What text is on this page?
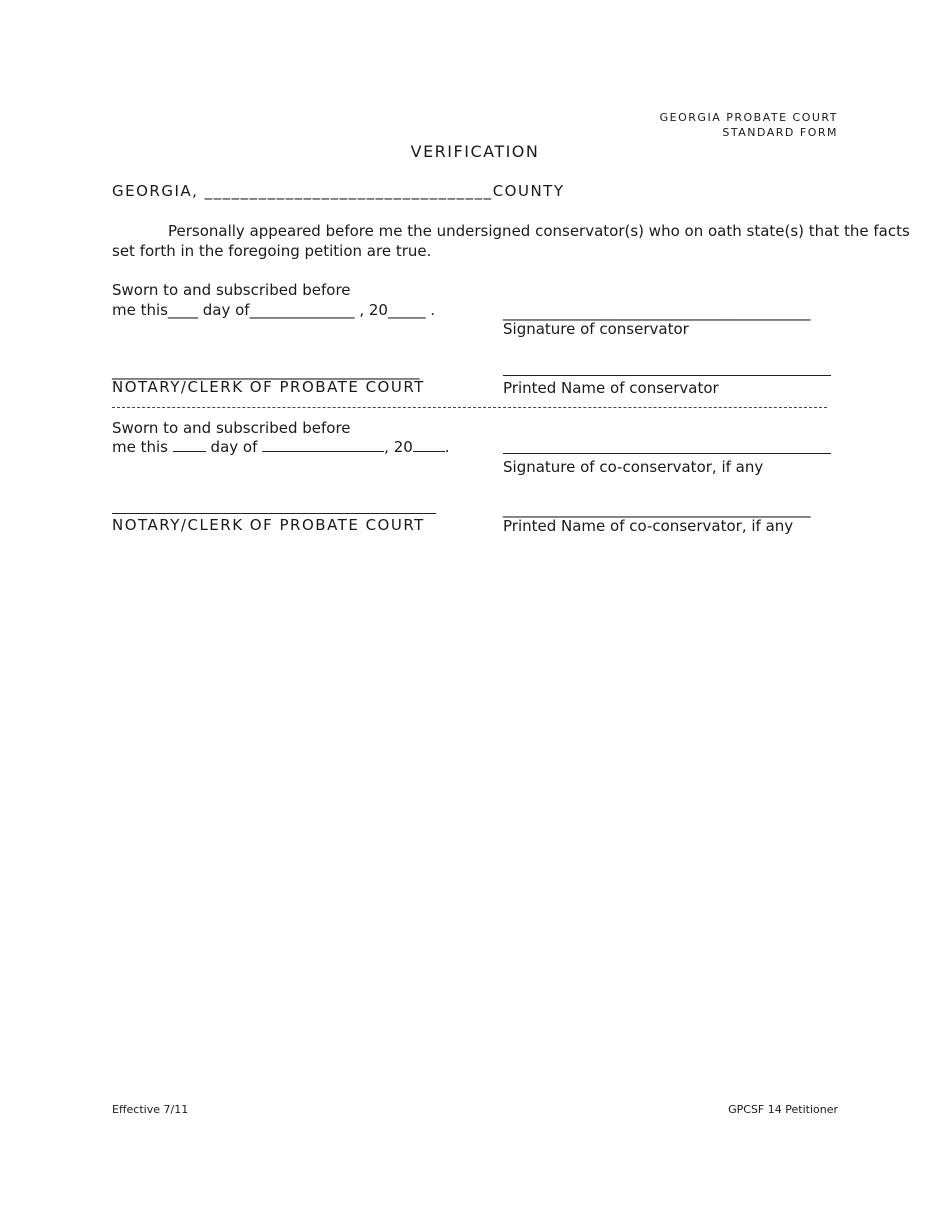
GEORGIA PROBATE COURT
STANDARD FORM
VERIFICATION
GEORGIA, ________________________________COUNTY
Personally appeared before me the undersigned conservator(s) who on oath state(s) that the facts
set forth in the foregoing petition are true.
Sworn to and subscribed before
me this____ day of______________ , 20_____ .	_________________________________________
Signature of conservator
_________________________________________
NOTARY/CLERK OF PROBATE COURT	Printed Name of conservator
Sworn to and subscribed before
me this	day of	, 20 .
Signature of co-conservator, if any
_________________________________________
NOTARY/CLERK OF PROBATE COURT	Printed Name of co-conservator, if any
Effective 7/11	GPCSF 14 Petitioner
